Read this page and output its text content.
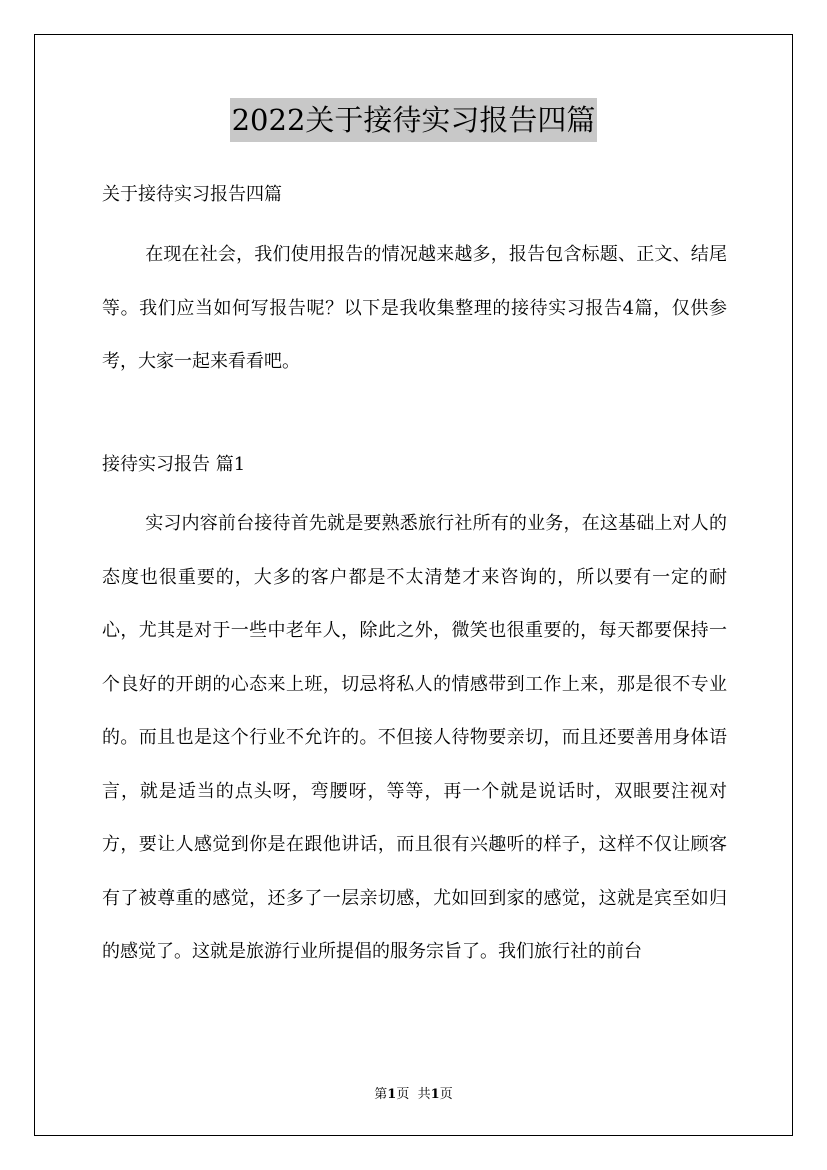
2022关于接待实习报告四篇

关于接待实习报告四篇

在现在社会，我们使用报告的情况越来越多，报告包含标题、正文、结尾等。我们应当如何写报告呢？以下是我收集整理的接待实习报告4篇，仅供参考，大家一起来看看吧。

接待实习报告 篇1

实习内容前台接待首先就是要熟悉旅行社所有的业务，在这基础上对人的态度也很重要的，大多的客户都是不太清楚才来咨询的，所以要有一定的耐心，尤其是对于一些中老年人，除此之外，微笑也很重要的，每天都要保持一个良好的开朗的心态来上班，切忌将私人的情感带到工作上来，那是很不专业的。而且也是这个行业不允许的。不但接人待物要亲切，而且还要善用身体语言，就是适当的点头呀，弯腰呀，等等，再一个就是说话时，双眼要注视对方，要让人感觉到你是在跟他讲话，而且很有兴趣听的样子，这样不仅让顾客有了被尊重的感觉，还多了一层亲切感，尤如回到家的感觉，这就是宾至如归的感觉了。这就是旅游行业所提倡的服务宗旨了。我们旅行社的前台

第1页 共1页
